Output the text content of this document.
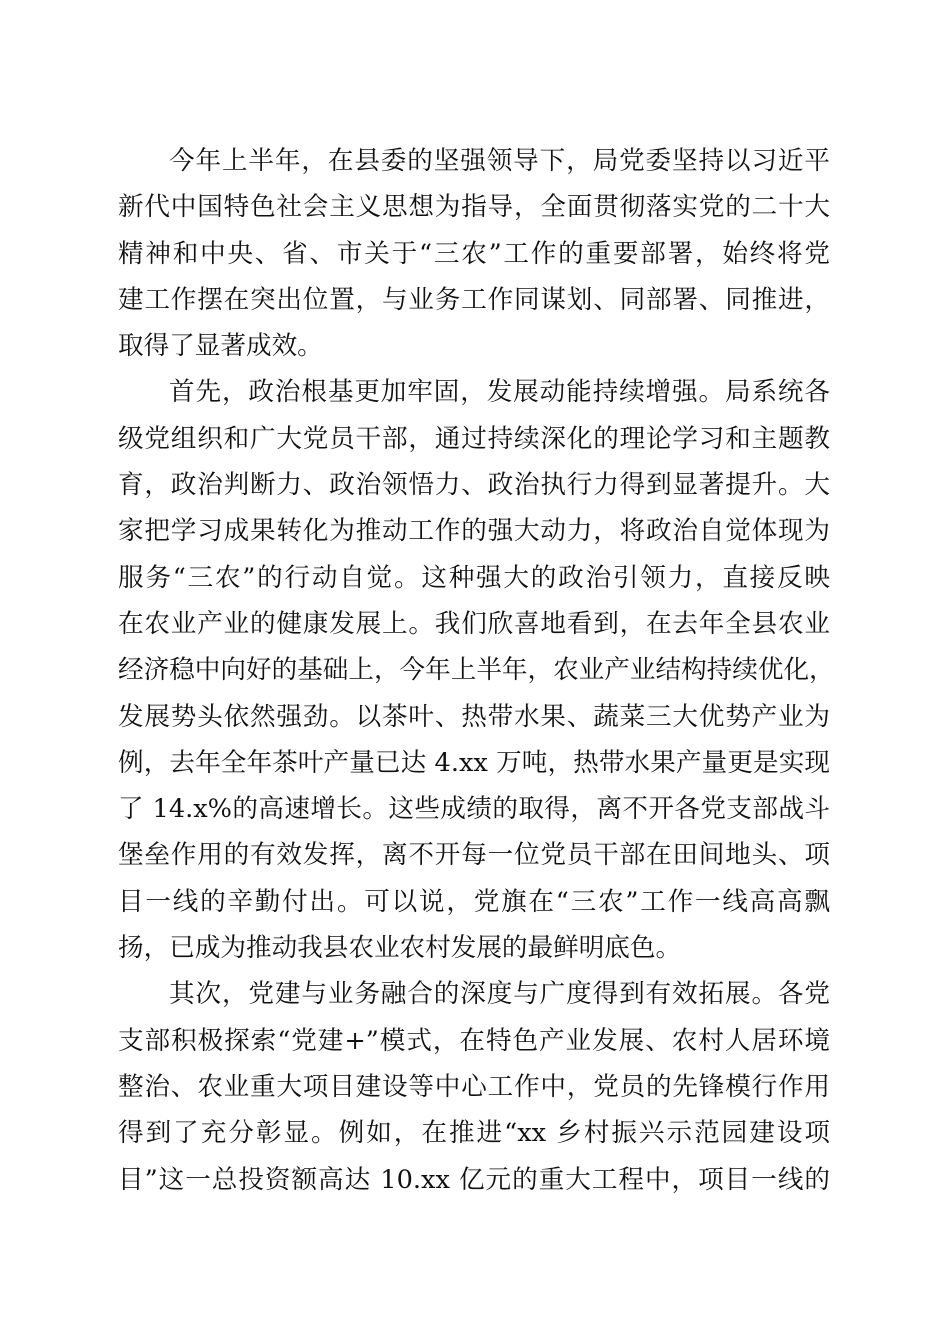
今年上半年，在县委的坚强领导下，局党委坚持以习近平
新代中国特色社会主义思想为指导，全面贯彻落实党的二十大
精神和中央、省、市关于“三农”工作的重要部署，始终将党
建工作摆在突出位置，与业务工作同谋划、同部署、同推进，
取得了显著成效。
首先，政治根基更加牢固，发展动能持续增强。局系统各
级党组织和广大党员干部，通过持续深化的理论学习和主题教
育，政治判断力、政治领悟力、政治执行力得到显著提升。大
家把学习成果转化为推动工作的强大动力，将政治自觉体现为
服务“三农”的行动自觉。这种强大的政治引领力，直接反映
在农业产业的健康发展上。我们欣喜地看到，在去年全县农业
经济稳中向好的基础上，今年上半年，农业产业结构持续优化，
发展势头依然强劲。以茶叶、热带水果、蔬菜三大优势产业为
例，去年全年茶叶产量已达 4.xx 万吨，热带水果产量更是实现
了 14.x%的高速增长。这些成绩的取得，离不开各党支部战斗
堡垒作用的有效发挥，离不开每一位党员干部在田间地头、项
目一线的辛勤付出。可以说，党旗在“三农”工作一线高高飘
扬，已成为推动我县农业农村发展的最鲜明底色。
其次，党建与业务融合的深度与广度得到有效拓展。各党
支部积极探索“党建+”模式，在特色产业发展、农村人居环境
整治、农业重大项目建设等中心工作中，党员的先锋模行作用
得到了充分彰显。例如，在推进“xx 乡村振兴示范园建设项
目”这一总投资额高达 10.xx 亿元的重大工程中，项目一线的
